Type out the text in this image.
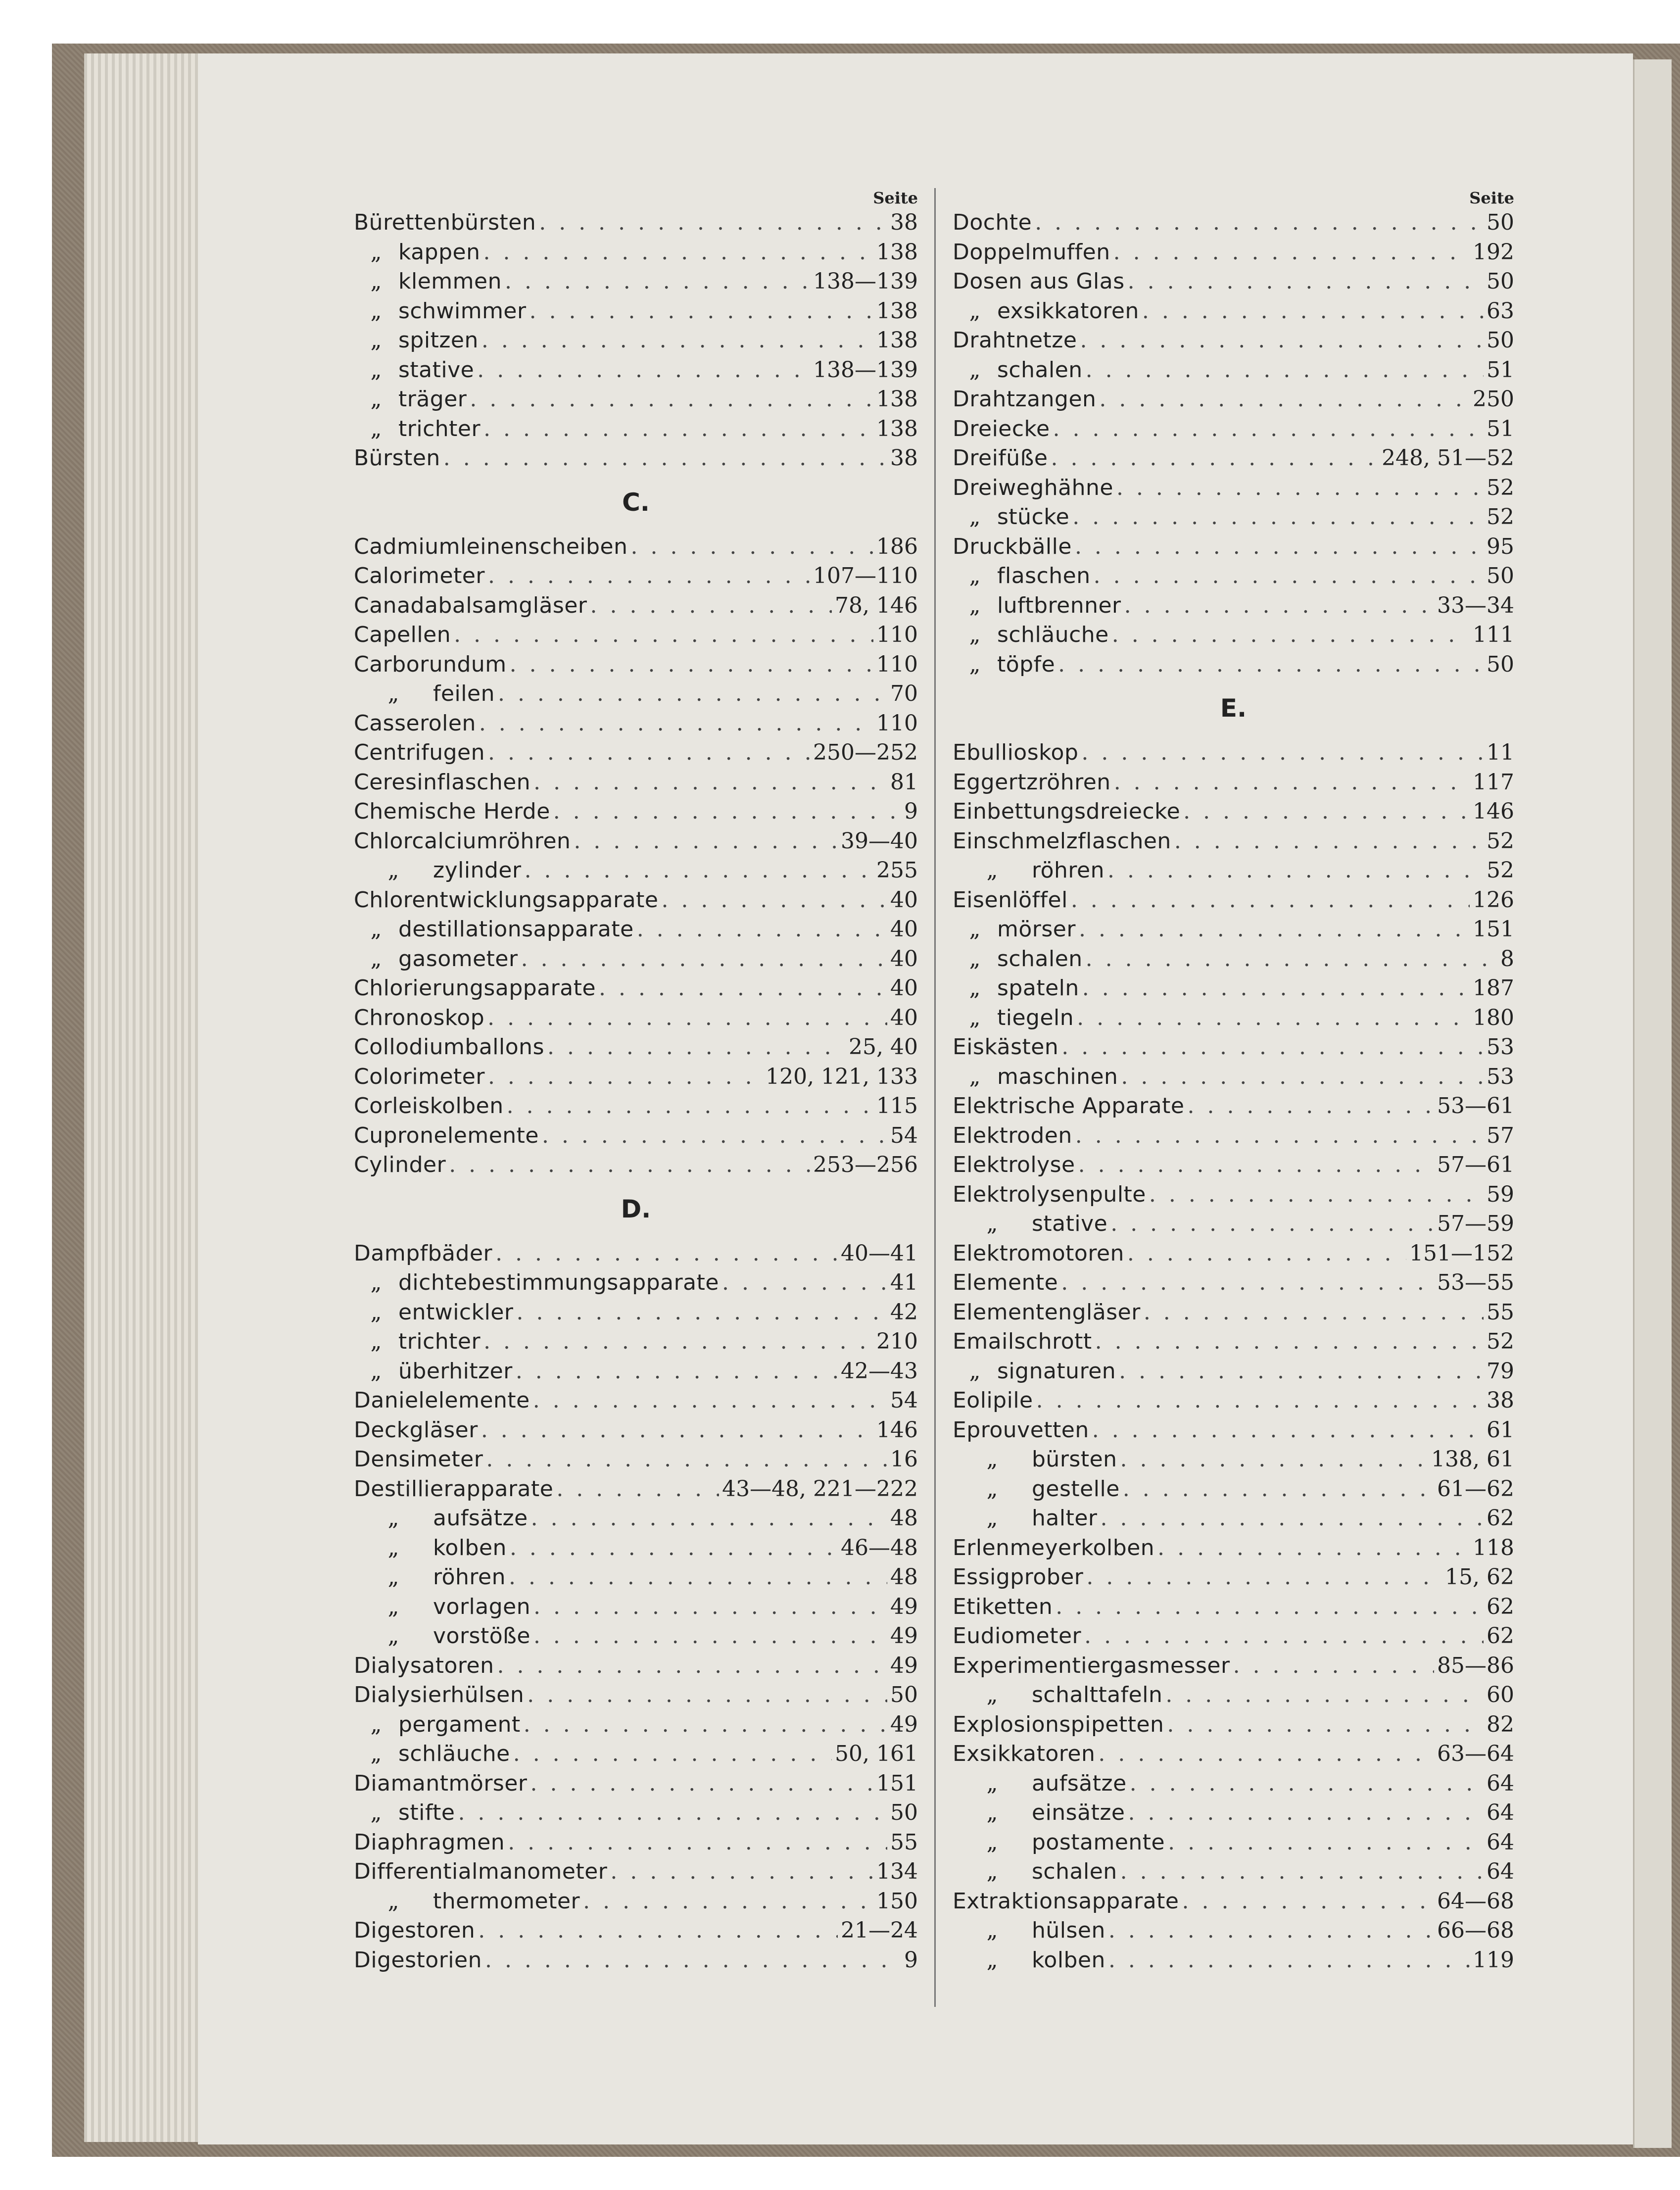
Seite
Bürettenbürsten . . .	38
„ kappen . . .	138
„ klemmen . . .	138—139
„ schwimmer . . .	138
„ spitzen . . .	138
„ stative . . .	138—139
„ träger . . .	138
„ trichter . . .	138
Bürsten . . .	38
C.
Cadmiumleinenscheiben . . .	186
Calorimeter . . .	107—110
Canadabalsamgläser . . .	78, 146
Capellen . . .	110
Carborundum . . .	110
„	feilen . . .	70
Casserolen . . .	110
Centrifugen . . .	250—252
Ceresinflaschen . . .	81
Chemische Herde . . .	9
Chlorcalciumröhren . . .	39—40
„	zylinder . . .	255
Chlorentwicklungsapparate . . .	40
„ destillationsapparate . . .	40
„ gasometer . . .	40
Chlorierungsapparate . . .	40
Chronoskop . . .	40
Collodiumballons . . .	25, 40
Colorimeter . . .	120, 121, 133
Corleiskolben . . .	115
Cupronelemente . . .	54
Cylinder . . .	253—256
D.
Dampfbäder . . .	40—41
„ dichtebestimmungsapparate . . .	41
„ entwickler . . .	42
„ trichter . . .	210
„ überhitzer . . .	42—43
Danielelemente . . .	54
Deckgläser . . .	146
Densimeter . . .	16
Destillierapparate . . .	43—48, 221—222
„	aufsätze . . .	48
„	kolben . . .	46—48
„	röhren . . .	48
„	vorlagen . . .	49
„	vorstöße . . .	49
Dialysatoren . . .	49
Dialysierhülsen . . .	50
„ pergament . . .	49
„ schläuche . . .	50, 161
Diamantmörser . . .	151
„ stifte . . .	50
Diaphragmen . . .	55
Differentialmanometer . . .	134
„	thermometer . . .	150
Digestoren . . .	21—24
Digestorien . . .	9
Seite
Dochte . . .	50
Doppelmuffen . . .	192
Dosen aus Glas . . .	50
„ exsikkatoren . . .	63
Drahtnetze . . .	50
„ schalen . . .	51
Drahtzangen . . .	250
Dreiecke . . .	51
Dreifüße . . .	248, 51—52
Dreiweghähne . . .	52
„ stücke . . .	52
Druckbälle . . .	95
„ flaschen . . .	50
„ luftbrenner . . .	33—34
„ schläuche . . .	111
„ töpfe . . .	50
E.
Ebullioskop . . .	11
Eggertzröhren . . .	117
Einbettungsdreiecke . . .	146
Einschmelzflaschen . . .	52
„	röhren . . .	52
Eisenlöffel . . .	126
„ mörser . . .	151
„ schalen . . .	8
„ spateln . . .	187
„ tiegeln . . .	180
Eiskästen . . .	53
„ maschinen . . .	53
Elektrische Apparate . . .	53—61
Elektroden . . .	57
Elektrolyse . . .	57—61
Elektrolysenpulte . . .	59
„	stative . . .	57—59
Elektromotoren . . .	151—152
Elemente . . .	53—55
Elementengläser . . .	55
Emailschrott . . .	52
„ signaturen . . .	79
Eolipile . . .	38
Eprouvetten . . .	61
„	bürsten . . .	138, 61
„	gestelle . . .	61—62
„	halter . . .	62
Erlenmeyerkolben . . .	118
Essigprober . . .	15, 62
Etiketten . . .	62
Eudiometer . . .	62
Experimentiergasmesser . . .	85—86
„	schalttafeln . . .	60
Explosionspipetten . . .	82
Exsikkatoren . . .	63—64
„	aufsätze . . .	64
„	einsätze . . .	64
„	postamente . . .	64
„	schalen . . .	64
Extraktionsapparate . . .	64—68
„	hülsen . . .	66—68
„	kolben . . .	119
